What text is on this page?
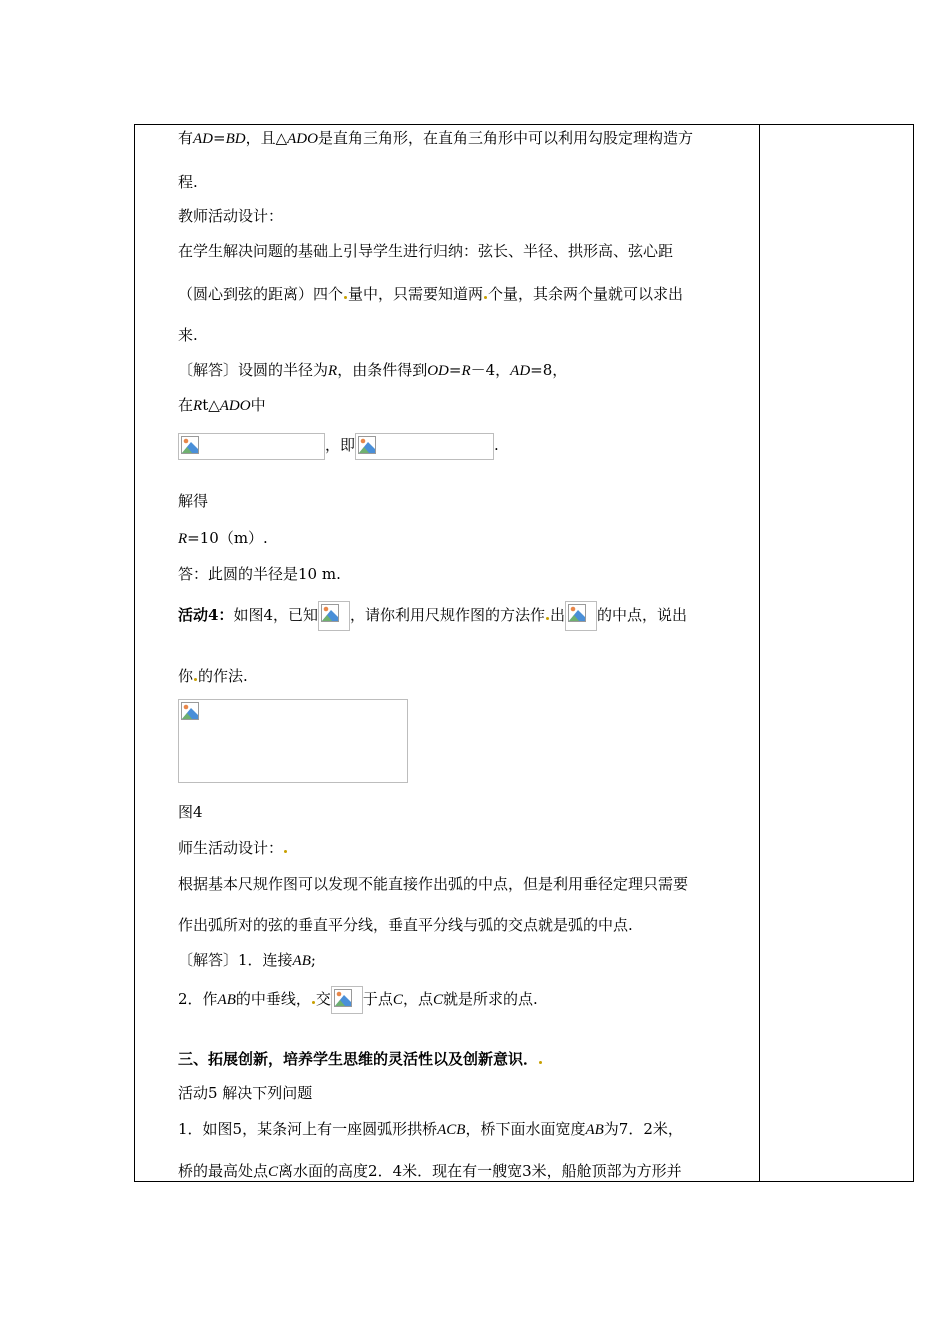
有AD=BD，且△ADO是直角三角形，在直角三角形中可以利用勾股定理构造方
程.
教师活动设计：
在学生解决问题的基础上引导学生进行归纳：弦长、半径、拱形高、弦心距
（圆心到弦的距离）四个 量中，只需要知道两 个量，其余两个量就可以求出
来.
〔解答〕设圆的半径为R，由条件得到OD=R－4，AD=8，
在Rt△ADO中
，即	.
解得
R=10（m）.
答：此圆的半径是10 m.
活动4：如图4，已知 ，请你利用尺规作图的方法作 出 的中点，说出
你 的作法.
图4
师生活动设计：
根据基本尺规作图可以发现不能直接作出弧的中点，但是利用垂径定理只需要
作出弧所对的弦的垂直平分线，垂直平分线与弧的交点就是弧的中点.
〔解答〕1．连接AB;
2．作AB的中垂线， 交 于点C，点C就是所求的点.
三、拓展创新，培养学生思维的灵活性以及创新意识．
活动5 解决下列问题
1．如图5，某条河上有一座圆弧形拱桥ACB，桥下面水面宽度AB为7．2米，
桥的最高处点C离水面的高度2．4米．现在有一艘宽3米，船舱顶部为方形并
